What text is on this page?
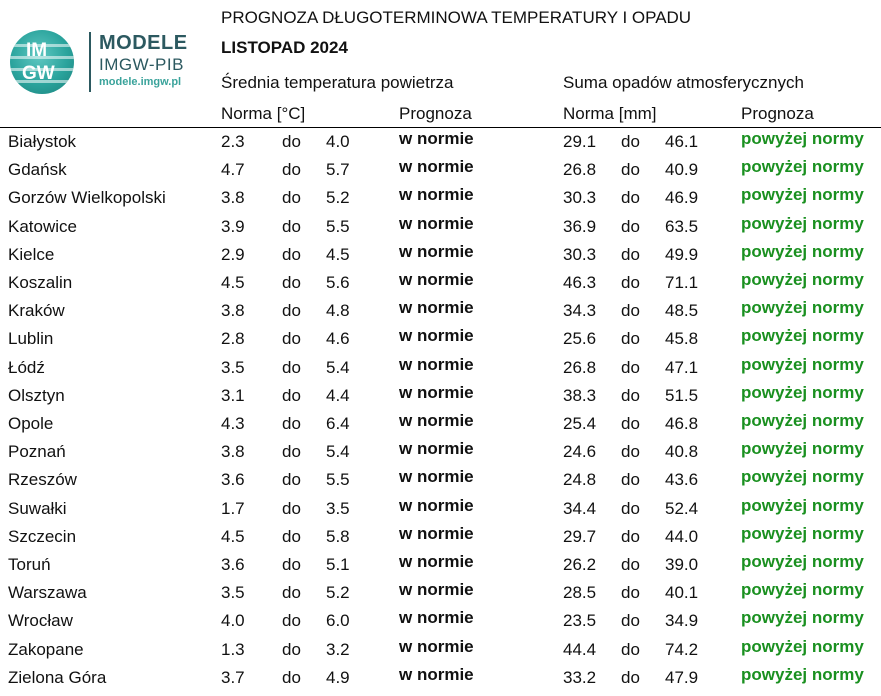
IM
GW
MODELE
IMGW-PIB
modele.imgw.pl
PROGNOZA DŁUGOTERMINOWA TEMPERATURY I OPADU
LISTOPAD 2024
Średnia temperatura powietrza	Suma opadów atmosferycznych
Norma [°C]	Prognoza	Norma [mm]	Prognoza
Białystok	2.3 do 4.0	w normie	29.1 do 46.1	powyżej normy
Gdańsk	4.7 do 5.7	w normie	26.8 do 40.9	powyżej normy
Gorzów Wielkopolski	3.8 do 5.2	w normie	30.3 do 46.9	powyżej normy
Katowice	3.9 do 5.5	w normie	36.9 do 63.5	powyżej normy
Kielce	2.9 do 4.5	w normie	30.3 do 49.9	powyżej normy
Koszalin	4.5 do 5.6	w normie	46.3 do 71.1	powyżej normy
Kraków	3.8 do 4.8	w normie	34.3 do 48.5	powyżej normy
Lublin	2.8 do 4.6	w normie	25.6 do 45.8	powyżej normy
Łódź	3.5 do 5.4	w normie	26.8 do 47.1	powyżej normy
Olsztyn	3.1 do 4.4	w normie	38.3 do 51.5	powyżej normy
Opole	4.3 do 6.4	w normie	25.4 do 46.8	powyżej normy
Poznań	3.8 do 5.4	w normie	24.6 do 40.8	powyżej normy
Rzeszów	3.6 do 5.5	w normie	24.8 do 43.6	powyżej normy
Suwałki	1.7 do 3.5	w normie	34.4 do 52.4	powyżej normy
Szczecin	4.5 do 5.8	w normie	29.7 do 44.0	powyżej normy
Toruń	3.6 do 5.1	w normie	26.2 do 39.0	powyżej normy
Warszawa	3.5 do 5.2	w normie	28.5 do 40.1	powyżej normy
Wrocław	4.0 do 6.0	w normie	23.5 do 34.9	powyżej normy
Zakopane	1.3 do 3.2	w normie	44.4 do 74.2	powyżej normy
Zielona Góra	3.7 do 4.9	w normie	33.2 do 47.9	powyżej normy
